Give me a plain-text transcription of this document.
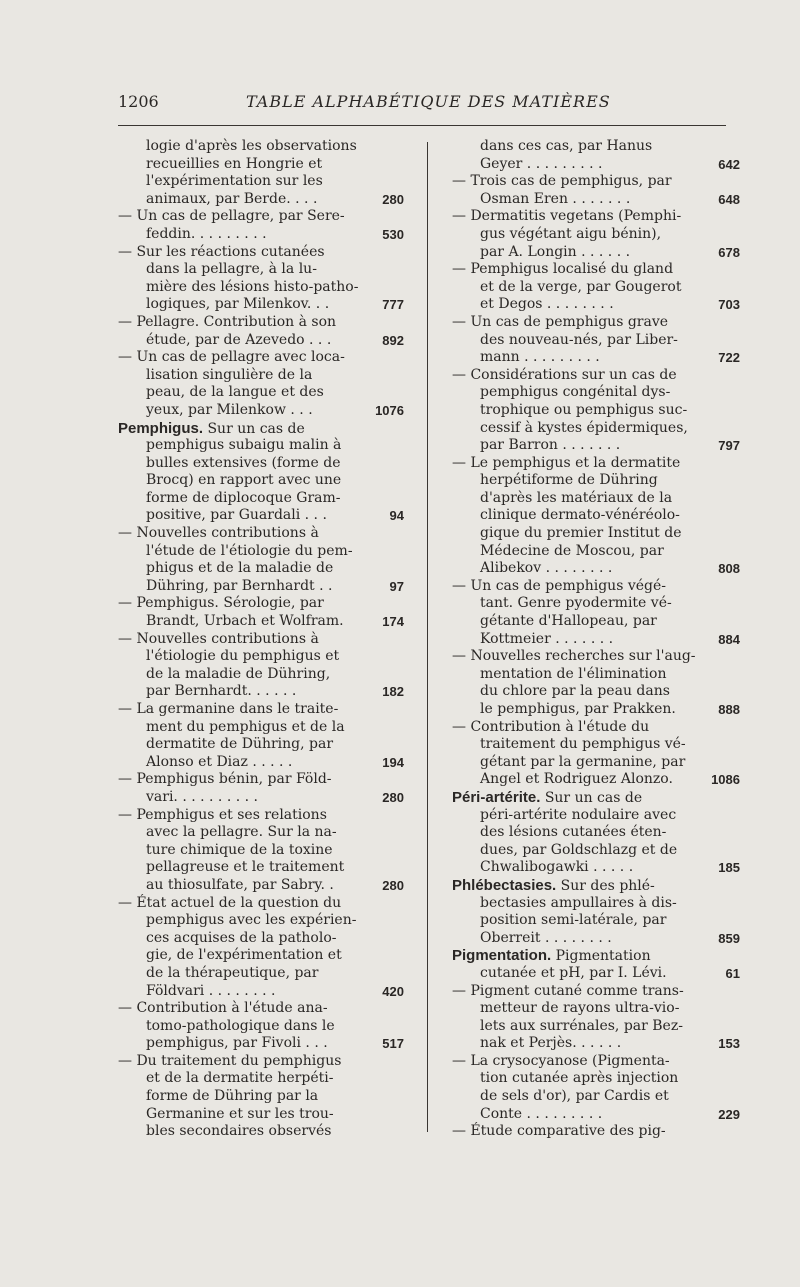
1206	TABLE ALPHABÉTIQUE DES MATIÈRES
logie d'après les observations
recueillies en Hongrie et
l'expérimentation sur les
animaux, par Berde. . . .	280
— Un cas de pellagre, par Sere-
feddin. . . . . . . . .	530
— Sur les réactions cutanées
dans la pellagre, à la lu-
mière des lésions histo-patho-
logiques, par Milenkov. . .	777
— Pellagre. Contribution à son
étude, par de Azevedo . . .	892
— Un cas de pellagre avec loca-
lisation singulière de la
peau, de la langue et des
yeux, par Milenkow . . .	1076
Pemphigus. Sur un cas de
pemphigus subaigu malin à
bulles extensives (forme de
Brocq) en rapport avec une
forme de diplocoque Gram-
positive, par Guardali . . .	94
— Nouvelles contributions à
l'étude de l'étiologie du pem-
phigus et de la maladie de
Dühring, par Bernhardt . .	97
— Pemphigus. Sérologie, par
Brandt, Urbach et Wolfram.	174
— Nouvelles contributions à
l'étiologie du pemphigus et
de la maladie de Dühring,
par Bernhardt. . . . . .	182
— La germanine dans le traite-
ment du pemphigus et de la
dermatite de Dühring, par
Alonso et Diaz . . . . .	194
— Pemphigus bénin, par Föld-
vari. . . . . . . . . .	280
— Pemphigus et ses relations
avec la pellagre. Sur la na-
ture chimique de la toxine
pellagreuse et le traitement
au thiosulfate, par Sabry. .	280
— État actuel de la question du
pemphigus avec les expérien-
ces acquises de la patholo-
gie, de l'expérimentation et
de la thérapeutique, par
Földvari . . . . . . . .	420
— Contribution à l'étude ana-
tomo-pathologique dans le
pemphigus, par Fivoli . . .	517
— Du traitement du pemphigus
et de la dermatite herpéti-
forme de Dühring par la
Germanine et sur les trou-
bles secondaires observés
dans ces cas, par Hanus
Geyer . . . . . . . . .	642
— Trois cas de pemphigus, par
Osman Eren . . . . . . .	648
— Dermatitis vegetans (Pemphi-
gus végétant aigu bénin),
par A. Longin . . . . . .	678
— Pemphigus localisé du gland
et de la verge, par Gougerot
et Degos . . . . . . . .	703
— Un cas de pemphigus grave
des nouveau-nés, par Liber-
mann . . . . . . . . .	722
— Considérations sur un cas de
pemphigus congénital dys-
trophique ou pemphigus suc-
cessif à kystes épidermiques,
par Barron . . . . . . .	797
— Le pemphigus et la dermatite
herpétiforme de Dühring
d'après les matériaux de la
clinique dermato-vénéréolo-
gique du premier Institut de
Médecine de Moscou, par
Alibekov . . . . . . . .	808
— Un cas de pemphigus végé-
tant. Genre pyodermite vé-
gétante d'Hallopeau, par
Kottmeier . . . . . . .	884
— Nouvelles recherches sur l'aug-
mentation de l'élimination
du chlore par la peau dans
le pemphigus, par Prakken.	888
— Contribution à l'étude du
traitement du pemphigus vé-
gétant par la germanine, par
Angel et Rodriguez Alonzo.	1086
Péri-artérite. Sur un cas de
péri-artérite nodulaire avec
des lésions cutanées éten-
dues, par Goldschlazg et de
Chwalibogawki . . . . .	185
Phlébectasies. Sur des phlé-
bectasies ampullaires à dis-
position semi-latérale, par
Oberreit . . . . . . . .	859
Pigmentation. Pigmentation
cutanée et pH, par I. Lévi.	61
— Pigment cutané comme trans-
metteur de rayons ultra-vio-
lets aux surrénales, par Bez-
nak et Perjès. . . . . .	153
— La crysocyanose (Pigmenta-
tion cutanée après injection
de sels d'or), par Cardis et
Conte . . . . . . . . .	229
— Étude comparative des pig-
